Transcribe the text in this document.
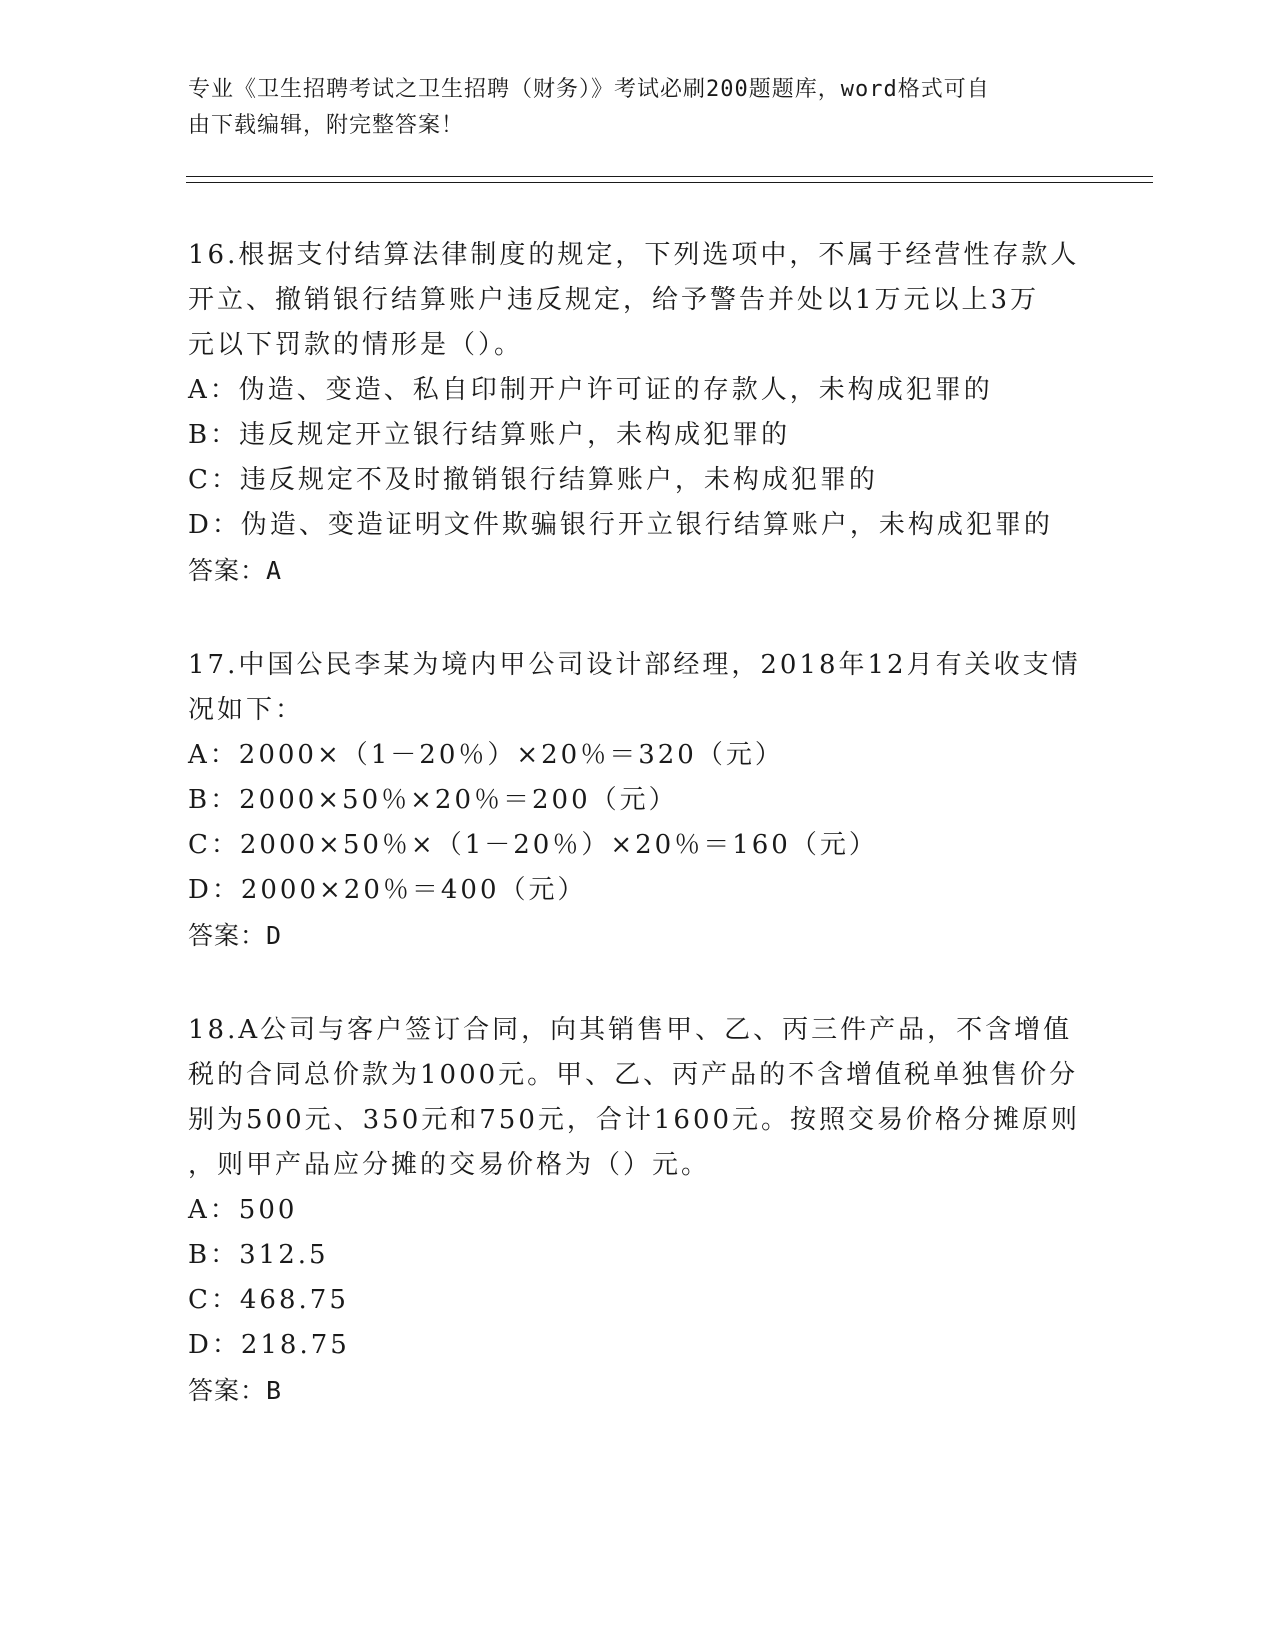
专业《卫生招聘考试之卫生招聘（财务）》考试必刷200题题库，word格式可自
由下载编辑，附完整答案！

16.根据支付结算法律制度的规定，下列选项中，不属于经营性存款人

开立、撤销银行结算账户违反规定，给予警告并处以1万元以上3万

元以下罚款的情形是（）。

A：伪造、变造、私自印制开户许可证的存款人，未构成犯罪的

B：违反规定开立银行结算账户，未构成犯罪的

C：违反规定不及时撤销银行结算账户，未构成犯罪的

D：伪造、变造证明文件欺骗银行开立银行结算账户，未构成犯罪的

答案：A

17.中国公民李某为境内甲公司设计部经理，2018年12月有关收支情

况如下：

A：2000×（1－20％）×20％＝320（元）

B：2000×50％×20％＝200（元）

C：2000×50％×（1－20％）×20％＝160（元）

D：2000×20％＝400（元）

答案：D

18.A公司与客户签订合同，向其销售甲、乙、丙三件产品，不含增值

税的合同总价款为1000元。甲、乙、丙产品的不含增值税单独售价分

别为500元、350元和750元，合计1600元。按照交易价格分摊原则

，则甲产品应分摊的交易价格为（）元。

A：500

B：312.5

C：468.75

D：218.75

答案：B
